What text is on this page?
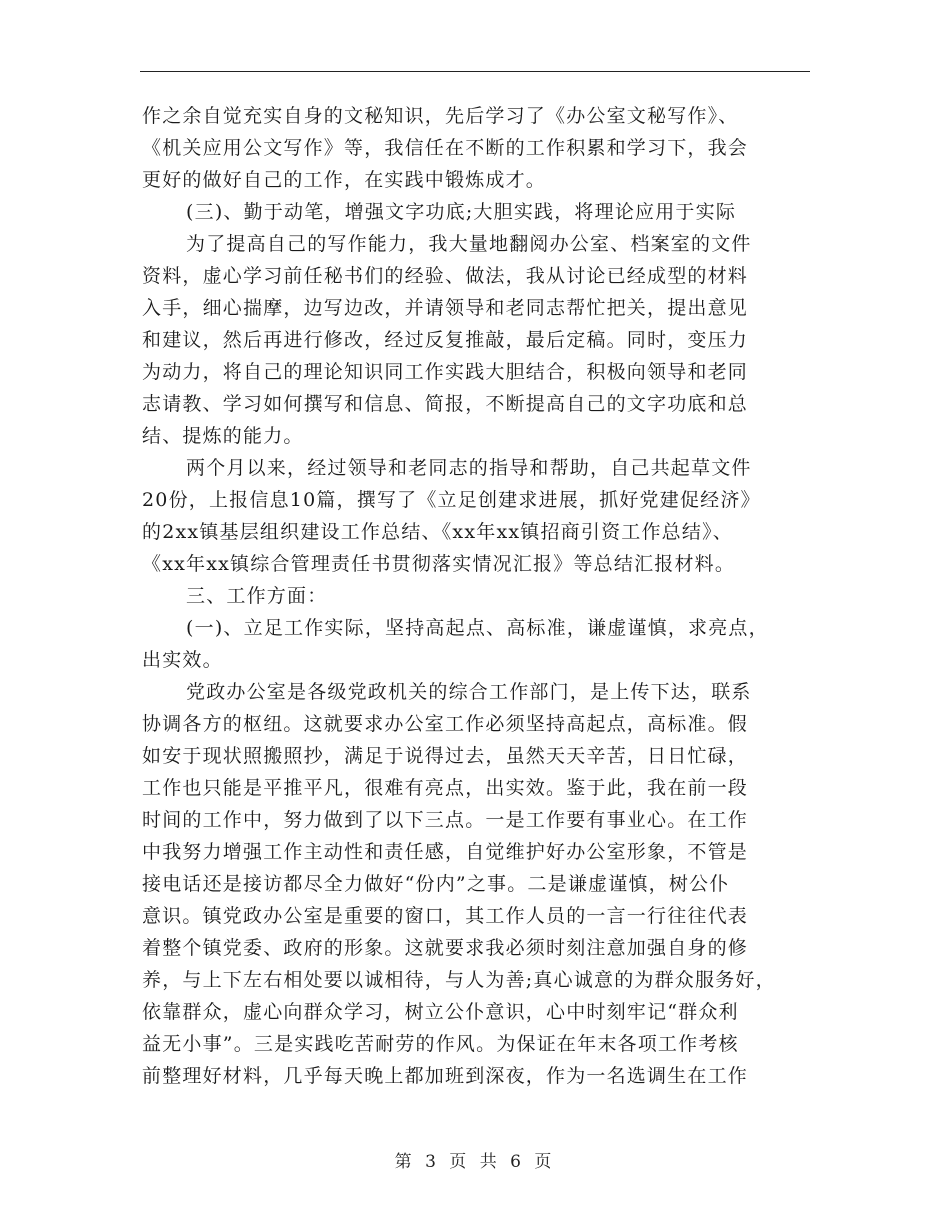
作之余自觉充实自身的文秘知识，先后学习了《办公室文秘写作》、
《机关应用公文写作》等，我信任在不断的工作积累和学习下，我会
更好的做好自己的工作，在实践中锻炼成才。
(三)、勤于动笔，增强文字功底;大胆实践，将理论应用于实际
为了提高自己的写作能力，我大量地翻阅办公室、档案室的文件
资料，虚心学习前任秘书们的经验、做法，我从讨论已经成型的材料
入手，细心揣摩，边写边改，并请领导和老同志帮忙把关，提出意见
和建议，然后再进行修改，经过反复推敲，最后定稿。同时，变压力
为动力，将自己的理论知识同工作实践大胆结合，积极向领导和老同
志请教、学习如何撰写和信息、简报，不断提高自己的文字功底和总
结、提炼的能力。
两个月以来，经过领导和老同志的指导和帮助，自己共起草文件
20份，上报信息10篇，撰写了《立足创建求进展，抓好党建促经济》
的2xx镇基层组织建设工作总结、《xx年xx镇招商引资工作总结》、
《xx年xx镇综合管理责任书贯彻落实情况汇报》等总结汇报材料。
三、工作方面：
(一)、立足工作实际，坚持高起点、高标准，谦虚谨慎，求亮点，
出实效。
党政办公室是各级党政机关的综合工作部门，是上传下达，联系
协调各方的枢纽。这就要求办公室工作必须坚持高起点，高标准。假
如安于现状照搬照抄，满足于说得过去，虽然天天辛苦，日日忙碌，
工作也只能是平推平凡，很难有亮点，出实效。鉴于此，我在前一段
时间的工作中，努力做到了以下三点。一是工作要有事业心。在工作
中我努力增强工作主动性和责任感，自觉维护好办公室形象，不管是
接电话还是接访都尽全力做好“份内”之事。二是谦虚谨慎，树公仆
意识。镇党政办公室是重要的窗口，其工作人员的一言一行往往代表
着整个镇党委、政府的形象。这就要求我必须时刻注意加强自身的修
养，与上下左右相处要以诚相待，与人为善;真心诚意的为群众服务好，
依靠群众，虚心向群众学习，树立公仆意识，心中时刻牢记“群众利
益无小事”。三是实践吃苦耐劳的作风。为保证在年末各项工作考核
前整理好材料，几乎每天晚上都加班到深夜，作为一名选调生在工作
第 3 页 共 6 页
